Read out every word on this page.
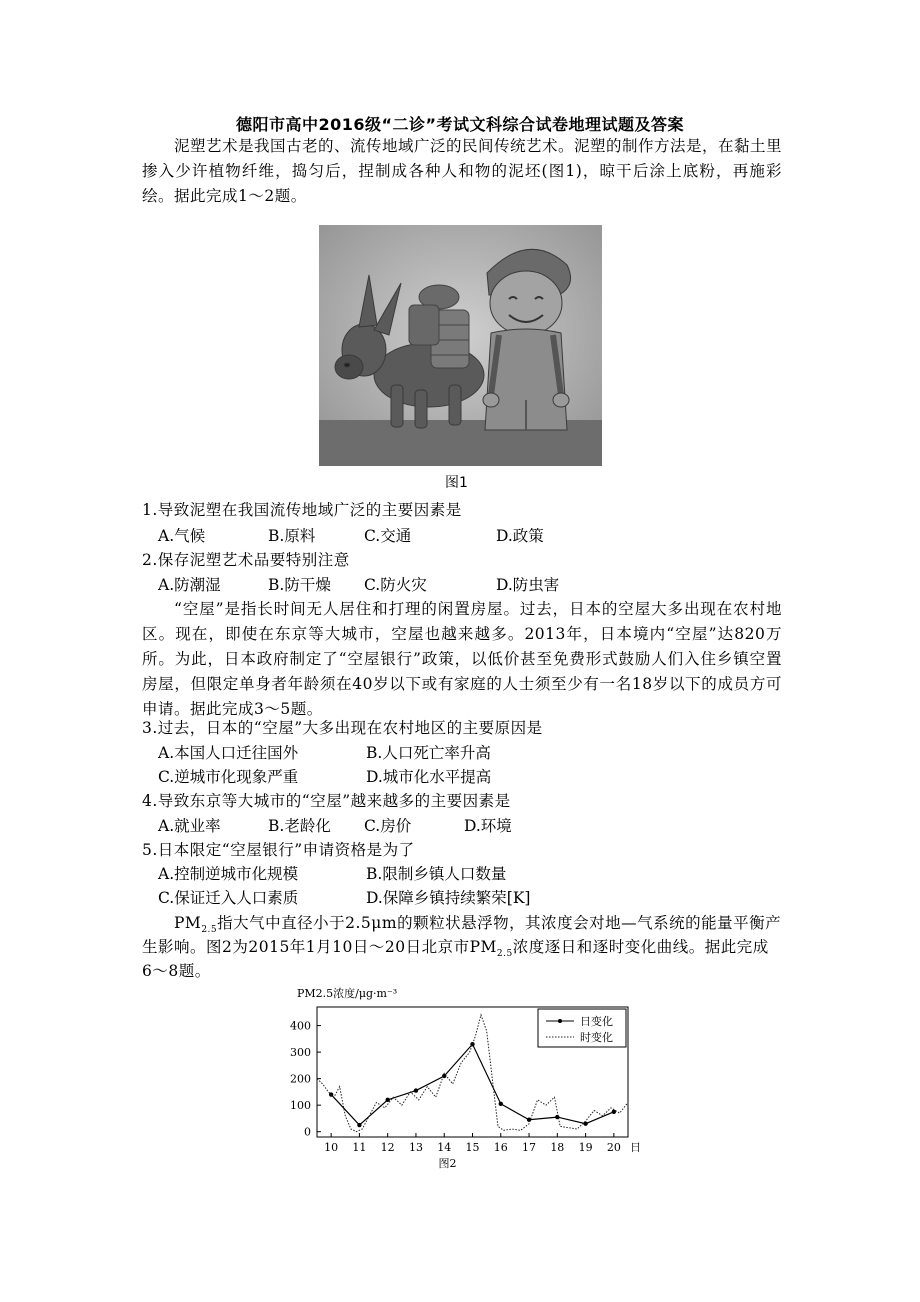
德阳市高中2016级“二诊”考试文科综合试卷地理试题及答案
泥塑艺术是我国古老的、流传地域广泛的民间传统艺术。泥塑的制作方法是，在黏土里掺入少许植物纤维，捣匀后，捏制成各种人和物的泥坯(图1)，晾干后涂上底粉，再施彩绘。据此完成1～2题。
图1
1.导致泥塑在我国流传地域广泛的主要因素是
A.气候	B.原料	C.交通	D.政策
2.保存泥塑艺术品要特别注意
A.防潮湿	B.防干燥 C.防火灾	D.防虫害
“空屋”是指长时间无人居住和打理的闲置房屋。过去，日本的空屋大多出现在农村地区。现在，即使在东京等大城市，空屋也越来越多。2013年，日本境内“空屋”达820万所。为此，日本政府制定了“空屋银行”政策，以低价甚至免费形式鼓励人们入住乡镇空置房屋，但限定单身者年龄须在40岁以下或有家庭的人士须至少有一名18岁以下的成员方可申请。据此完成3～5题。
3.过去，日本的“空屋”大多出现在农村地区的主要原因是
A.本国人口迁往国外	B.人口死亡率升高
C.逆城市化现象严重	D.城市化水平提高
4.导致东京等大城市的“空屋”越来越多的主要因素是
A.就业率	B.老龄化 C.房价	D.环境
5.日本限定“空屋银行”申请资格是为了
A.控制逆城市化规模	B.限制乡镇人口数量
C.保证迁入人口素质	D.保障乡镇持续繁荣[K]
$PM_{2.5}$指大气中直径小于2.5μm的颗粒状悬浮物，其浓度会对地—气系统的能量平衡产
生影响。图2为2015年1月10日～20日北京市$PM_{2.5}$浓度逐日和逐时变化曲线。据此完成
6～8题。
PM2.5浓度/μg·m⁻³
0
100
200
300
400
10 11 12 13 14 15 16 17 18 19 20 日
图2
日变化
时变化
